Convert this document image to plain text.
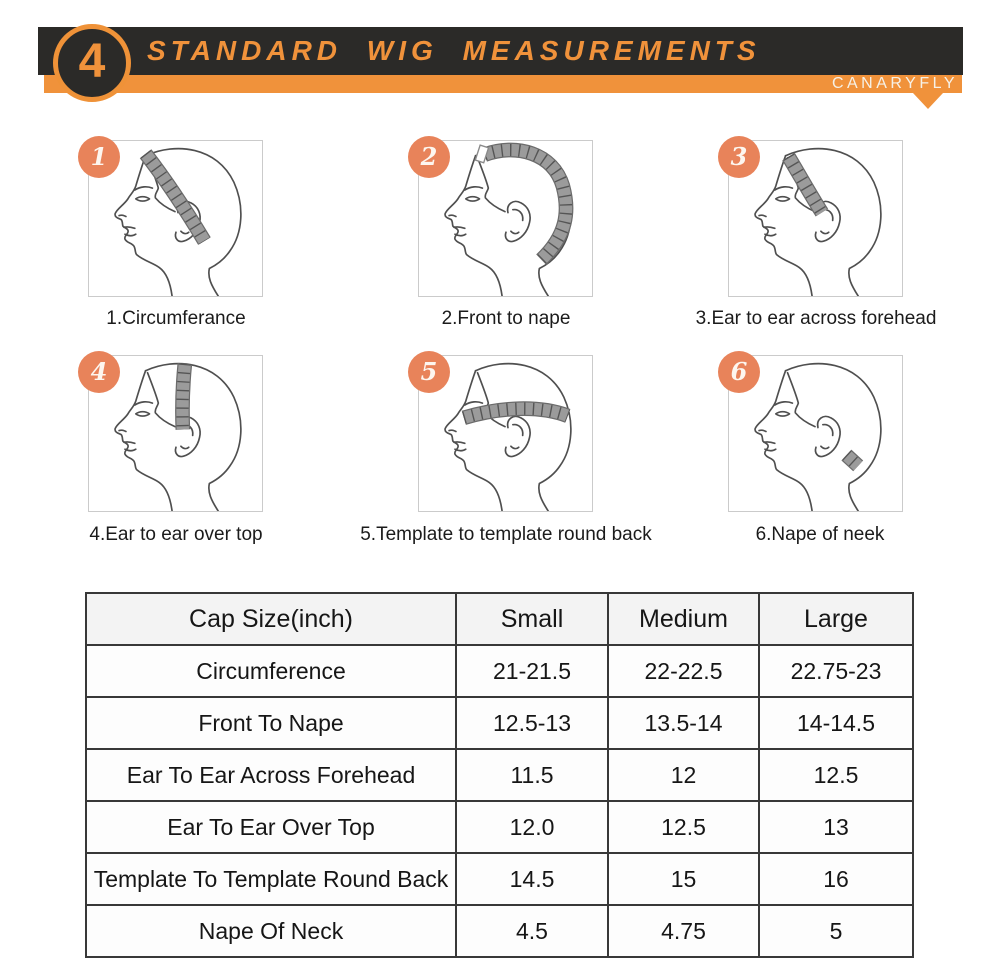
4 STANDARD WIG MEASUREMENTS
CANARYFLY
1
1.Circumferance
2
2.Front to nape
3
3.Ear to ear across forehead
4
4.Ear to ear over top
5
5.Template to template round back
6
6.Nape of neek
Cap Size(inch)	Small	Medium	Large
Circumference	21-21.5	22-22.5	22.75-23
Front To Nape	12.5-13	13.5-14	14-14.5
Ear To Ear Across Forehead	11.5	12	12.5
Ear To Ear Over Top	12.0	12.5	13
Template To Template Round Back	14.5	15	16
Nape Of Neck	4.5	4.75	5
